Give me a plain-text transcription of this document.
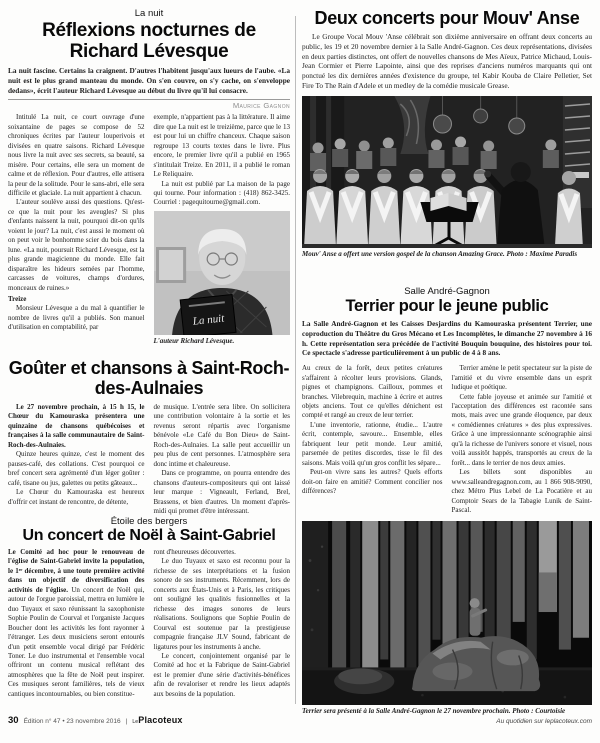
La nuit
Réflexions nocturnes de Richard Lévesque
La nuit fascine. Certains la craignent. D'autres l'habitent jusqu'aux lueurs de l'aube. «La nuit est le plus grand manteau du monde. On s'en couvre, on s'y cache, on s'enveloppe dedans», écrit l'auteur Richard Lévesque au début du livre qu'il lui consacre.
Maurice Gagnon

Intitulé La nuit, ce court ouvrage d'une soixantaine de pages se compose de 52 chroniques écrites par l'auteur louperivois et divisées en quatre saisons. Richard Lévesque nous livre la nuit avec ses secrets, sa beauté, sa misère. Pour certains, elle sera un moment de calme et de réflexion. Pour d'autres, elle attisera la peur de la solitude. Pour le sans-abri, elle sera difficile et glaciale. La nuit appartient à chacun.

L'auteur soulève aussi des questions. Qu'est-ce que la nuit pour les aveugles? Si plus d'enfants naissent la nuit, pourquoi dit-on qu'ils voient le jour? La nuit, c'est aussi le moment où on peut voir le bonhomme scier du bois dans la lune. «La nuit, poursuit Richard Lévesque, est la plus grande magicienne du monde. Elle fait disparaître les hideurs semées par l'homme, carcasses de voitures, champs d'ordures, monceaux de ruines.»

Treize

Monsieur Lévesque a du mal à quantifier le nombre de livres qu'il a publiés. Son manuel d'utilisation en comptabilité, par

exemple, n'appartient pas à la littérature. Il aime dire que La nuit est le treizième, parce que le 13 est pour lui un chiffre chanceux. Chaque saison regroupe 13 courts textes dans le livre. Plus encore, le premier livre qu'il a publié en 1965 s'intitulait Treize. En 2011, il a publié le roman Le Reliquaire.

La nuit est publié par La maison de la page qui tourne. Pour information : (418) 862-3425. Courriel : pagequitourne@gmail.com.

La nuit
L'auteur Richard Lévesque.
Goûter et chansons à Saint-Roch-des-Aulnaies

Le 27 novembre prochain, à 15 h 15, le Chœur du Kamouraska présentera une quinzaine de chansons québécoises et françaises à la salle communautaire de Saint-Roch-des-Aulnaies.

Quinze heures quinze, c'est le moment des pauses-café, des collations. C'est pourquoi ce bref concert sera agrémenté d'un léger goûter : café, tisane ou jus, galettes ou petits gâteaux...

Le Chœur du Kamouraska est heureux d'offrir cet instant de rencontre, de détente,

de musique. L'entrée sera libre. On sollicitera une contribution volontaire à la sortie et les revenus seront répartis avec l'organisme bénévole «Le Café du Bon Dieu» de Saint-Roch-des-Aulnaies. La salle peut accueillir un peu plus de cent personnes. L'atmosphère sera donc intime et chaleureuse.

Dans ce programme, on pourra entendre des chansons d'auteurs-compositeurs qui ont laissé leur marque : Vigneault, Ferland, Brel, Brassens, et bien d'autres. Un moment d'après-midi qui promet d'être intéressant.

Étoile des bergers
Un concert de Noël à Saint-Gabriel

Le Comité ad hoc pour le renouveau de l'église de Saint-Gabriel invite la population, le 1ᵉʳ décembre, à une toute première activité dans un objectif de diversification des activités de l'église. Un concert de Noël qui, autour de l'orgue paroissial, mettra en lumière le duo Tuyaux et saxo réunissant la saxophoniste Sophie Poulin de Courval et l'organiste Jacques Boucher dont les activités les font rayonner à l'étranger. Les deux musiciens seront entourés d'un petit ensemble vocal dirigé par Frédéric Toner. Le duo instrumental et l'ensemble vocal offriront un contenu musical reflétant des atmosphères que la fête de Noël peut inspirer. Ces musiques seront familières, tels de vieux cantiques incontournables, ou bien constitue-

ront d'heureuses découvertes.

Le duo Tuyaux et saxo est reconnu pour la richesse de ses interprétations et la fusion sonore de ses instruments. Récemment, lors de concerts aux États-Unis et à Paris, les critiques ont souligné les qualités fusionnelles et la richesse des images sonores de leurs réalisations. Soulignons que Sophie Poulin de Courval est soutenue par la prestigieuse compagnie française JLV Sound, fabricant de ligatures pour les instruments à anche.

Le concert, conjointement organisé par le Comité ad hoc et la Fabrique de Saint-Gabriel est le premier d'une série d'activités-bénéfices afin de revaloriser et rendre les lieux adaptés aux besoins de la population.

Deux concerts pour Mouv' Anse
Le Groupe Vocal Mouv 'Anse célébrait son dixième anniversaire en offrant deux concerts au public, les 19 et 20 novembre dernier à la Salle André-Gagnon. Ces deux représentations, divisées en deux parties distinctes, ont offert de nouvelles chansons de Mes Aïeux, Patrice Michaud, Louis-Jean Cormier et Pierre Lapointe, ainsi que des reprises d'anciens numéros marquants qui ont ponctué les dix dernières années d'existence du groupe, tel Kabir Kouba de Claire Pelletier, Set Fire To The Rain d'Adele et un medley de la comédie musicale Grease.
Mouv' Anse a offert une version gospel de la chanson Amazing Grace. Photo : Maxime Paradis
Salle André-Gagnon
Terrier pour le jeune public
La Salle André-Gagnon et les Caisses Desjardins du Kamouraska présentent Terrier, une coproduction du Théâtre du Gros Mécano et Les Incomplètes, le dimanche 27 novembre à 16 h. Cette représentation sera précédée de l'activité Bouquin bouquine, des histoires pour toi. Ce spectacle s'adresse particulièrement à un public de 4 à 8 ans.

Au creux de la forêt, deux petites créatures s'affairent à récolter leurs provisions. Glands, pignes et champignons. Cailloux, pommes et branches. Vilebrequin, machine à écrire et autres objets anciens. Tout ce qu'elles dénichent est compté et rangé au creux de leur terrier.

L'une inventorie, rationne, étudie... L'autre écrit, contemple, savoure... Ensemble, elles fabriquent leur petit monde. Leur amitié, parsemée de petites discordes, tisse le fil des saisons. Mais voilà qu'un gros conflit les sépare...

Peut-on vivre sans les autres? Quels efforts doit-on faire en amitié? Comment concilier nos différences?

Terrier amène le petit spectateur sur la piste de l'amitié et du vivre ensemble dans un esprit ludique et poétique.

Cette fable joyeuse et animée sur l'amitié et l'acceptation des différences est racontée sans mots, mais avec une grande éloquence, par deux « comédiennes créatures » des plus expressives. Grâce à une impressionnante scénographie ainsi qu'à la richesse de l'univers sonore et visuel, nous voilà aussitôt happés, transportés au creux de la forêt... dans le terrier de nos deux amies.

Les billets sont disponibles au www.salleandregagnon.com, au 1 866 908-9090, chez Métro Plus Lebel de La Pocatière et au Comptoir Sears de la Tabagie Lunik de Saint-Pascal.

Terrier sera présenté à la Salle André-Gagnon le 27 novembre prochain. Photo : Courtoisie
30 Édition n° 47 • 23 novembre 2016 | LePlacoteux	Au quotidien sur leplacoteux.com
